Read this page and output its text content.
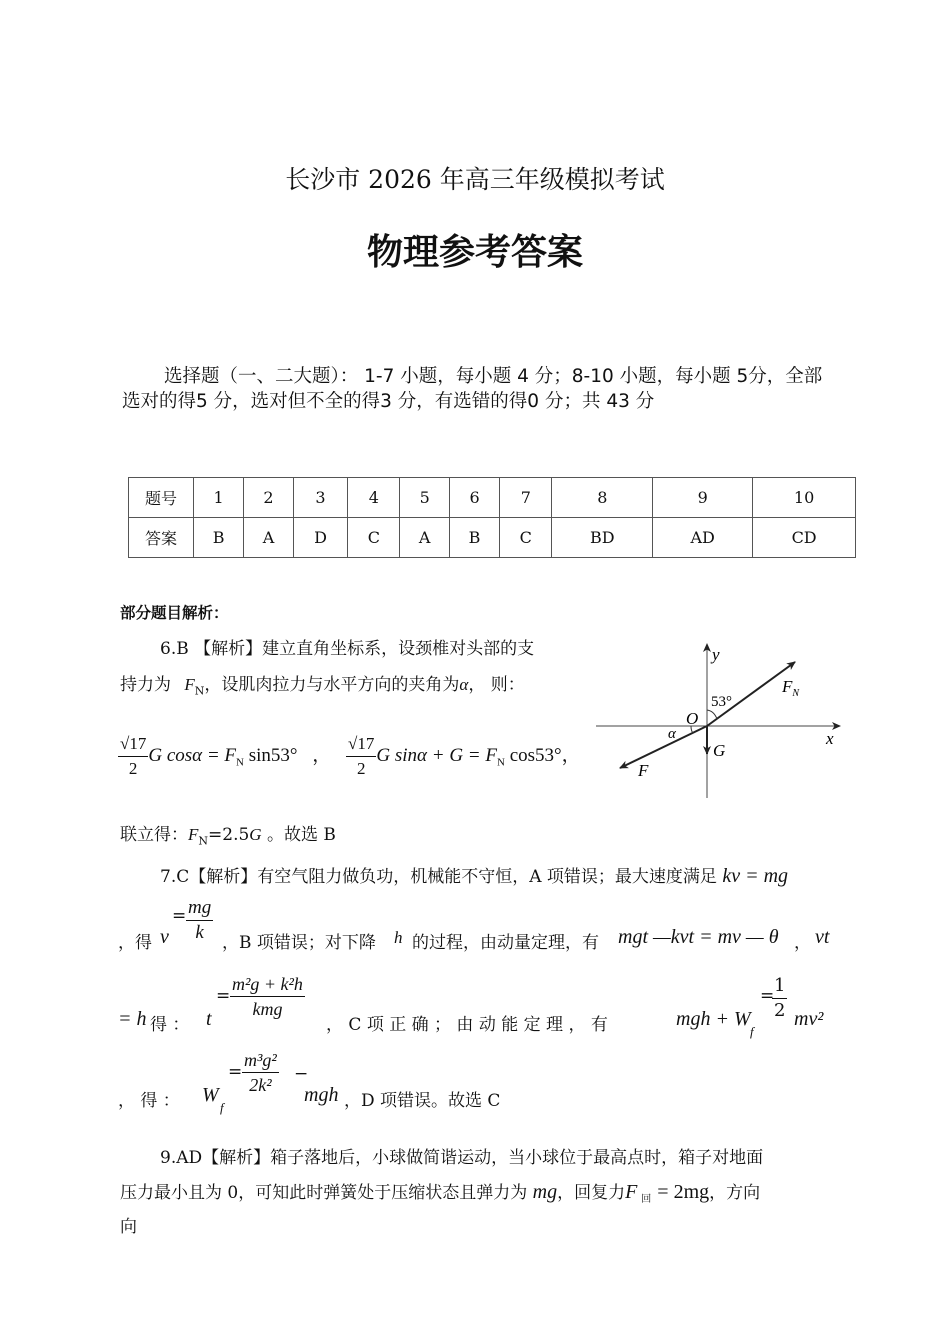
长沙市 2026 年高三年级模拟考试
物理参考答案
选择题（一、二大题）： 1-7 小题，每小题 4 分；8-10 小题，每小题 5分，全部选对的得5 分，选对但不全的得3 分，有选错的得0 分；共 43 分
题号	1	2	3	4	5	6	7	8	9	10
答案	B	A	D	C	A	B	C	BD	AD	CD
部分题目解析：
6.B 【解析】建立直角坐标系，设颈椎对头部的支
持力为 $F_N$，设肌肉拉力与水平方向的夹角为α， 则：
$\frac{√17}{2}$ G $\cos\alpha = F_N$ sin53° ， $\frac{√17}{2}$ G $\sin\alpha + G = F_N$ cos53°，
联立得：$F_N=2.5G$ 。故选 B
y
x
O
53°
α
$F_N$
G
F
7.C【解析】有空气阻力做负功，机械能不守恒，A 项错误；最大速度满足 kv = mg
，得 v
= $\frac{mg}{k}$ ，B 项错误；对下降 h 的过程，由动量定理，有 mgt —kvt = mv — θ ， vt
= h 得 ： t
=
m²g + k²h
kmg
， C 项 正 确 ； 由 动 能 定 理 ， 有	mgh + W
f
=
$\frac{1}{2} mv^2$
， 得 ： W
f
= $\frac{\text{m³g²}}{\text{2k²}}$ −
mgh ，D 项错误。故选 C
9.AD【解析】箱子落地后，小球做简谐运动，当小球位于最高点时，箱子对地面
压力最小且为 0，可知此时弹簧处于压缩状态且弹力为 mg，回复力F $_回$ = 2mg，方向
向
